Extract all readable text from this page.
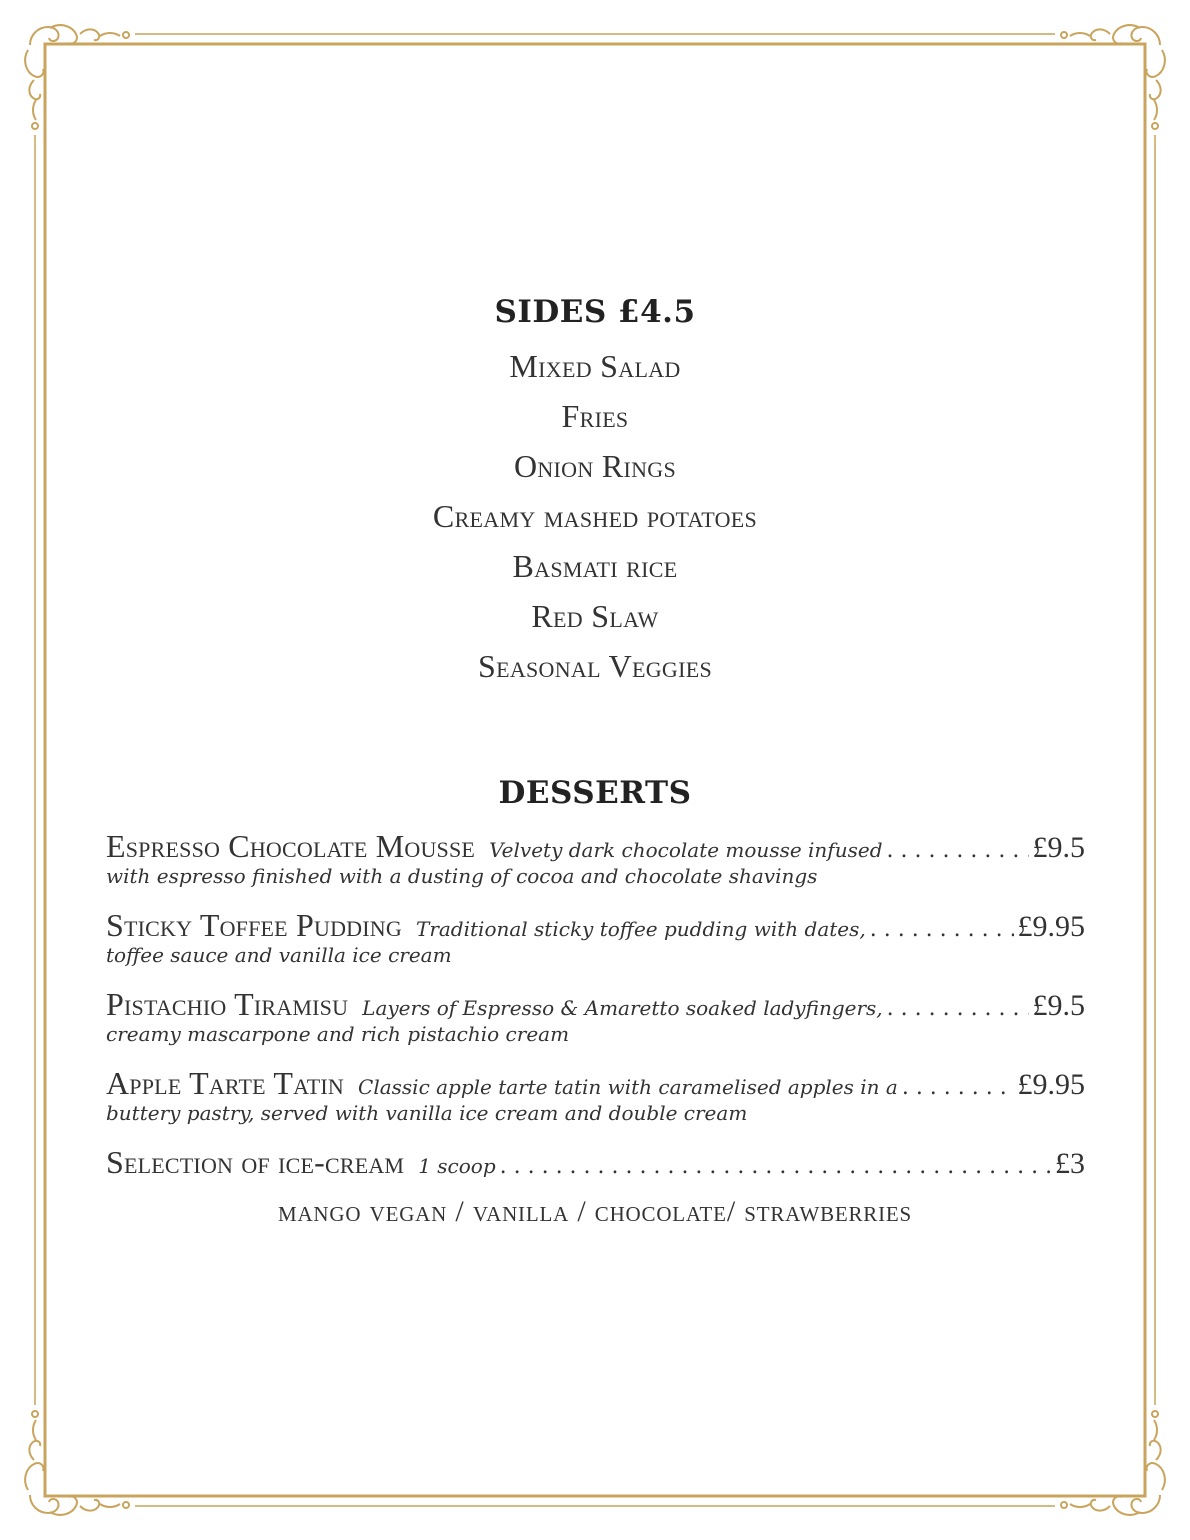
SIDES £4.5
Mixed Salad
Fries
Onion Rings
Creamy mashed potatoes
Basmati rice
Red Slaw
Seasonal Veggies
DESSERTS
Espresso Chocolate Mousse Velvety dark chocolate mousse infused . . .	£9.5
with espresso finished with a dusting of cocoa and chocolate shavings
Sticky Toffee Pudding Traditional sticky toffee pudding with dates, . . .	£9.95
toffee sauce and vanilla ice cream
Pistachio Tiramisu Layers of Espresso & Amaretto soaked ladyfingers, . . .	£9.5
creamy mascarpone and rich pistachio cream
Apple Tarte Tatin Classic apple tarte tatin with caramelised apples in a . . .	£9.95
buttery pastry, served with vanilla ice cream and double cream
Selection of ice-cream 1 scoop . . .	£3
mango vegan / vanilla / chocolate/ strawberries
